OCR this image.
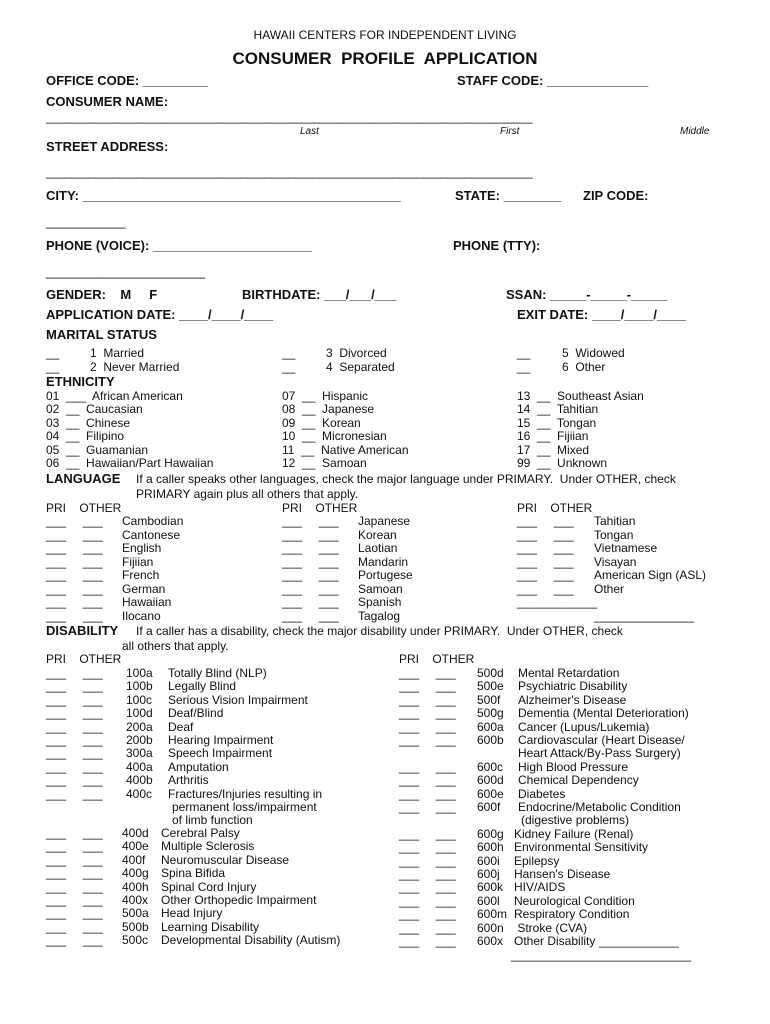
HAWAII CENTERS FOR INDEPENDENT LIVING
CONSUMER  PROFILE  APPLICATION
OFFICE CODE: _________	STAFF CODE: ______________
CONSUMER NAME:
________________________________________________________________________________
Last	First	Middle
STREET ADDRESS:
________________________________________________________________________________
CITY: ____________________________________________	STATE: ________ ZIP CODE:
___________
PHONE (VOICE): ______________________	PHONE (TTY):
______________________
GENDER:    M     F	BIRTHDATE: ___/___/___	SSAN: _____-_____-_____
APPLICATION DATE: ____/____/____	EXIT DATE: ____/____/____
MARITAL STATUS
__	1  Married
__	2  Never Married
__	3  Divorced
__	4  Separated
__	5  Widowed
__	6  Other
ETHNICITY
LANGUAGE If a caller speaks other languages, check the major language under PRIMARY.  Under OTHER, check
PRIMARY again plus all others that apply.
PRI    OTHER	PRI    OTHER	PRI    OTHER
____________
_______________
DISABILITY If a caller has a disability, check the major disability under PRIMARY.  Under OTHER, check
all others that apply.
PRI    OTHER	PRI    OTHER
01  ___  African American
02  __  Caucasian
03  __  Chinese
04  __  Filipino
05  __  Guamanian
06  __  Hawaiian/Part Hawaiian
07  __  Hispanic
08  __  Japanese
09  __  Korean
10  __  Micronesian
11  __  Native American
12  __  Samoan
13  __  Southeast Asian
14  __  Tahitian
15  __  Tongan
16  __  Fijiian
17  __  Mixed
99  __  Unknown
___     ___ Cambodian
___     ___ Cantonese
___     ___ English
___     ___ Fijiian
___     ___ French
___     ___ German
___     ___ Hawaiian
___     ___ Ilocano
___     ___ Japanese
___     ___ Korean
___     ___ Laotian
___     ___ Mandarin
___     ___ Portugese
___     ___ Samoan
___     ___ Spanish
___     ___ Tagalog
___     ___ Tahitian
___     ___ Tongan
___     ___ Vietnamese
___     ___ Visayan
___     ___ American Sign (ASL)
___     ___ Other
___     ___ 100a Totally Blind (NLP)
___     ___ 100b Legally Blind
___     ___ 100c Serious Vision Impairment
___     ___ 100d Deaf/Blind
___     ___ 200a Deaf
___     ___ 200b Hearing Impairment
___     ___ 300a Speech Impairment
___     ___ 400a Amputation
___     ___ 400b Arthritis
___     ___ 400c Fractures/Injuries resulting in
permanent loss/impairment
of limb function
___     ___ 400d Cerebral Palsy
___     ___ 400e Multiple Sclerosis
___     ___ 400f Neuromuscular Disease
___     ___ 400g Spina Bifida
___     ___ 400h Spinal Cord Injury
___     ___ 400x Other Orthopedic Impairment
___     ___ 500a Head Injury
___     ___ 500b Learning Disability
___     ___ 500c Developmental Disability (Autism)
___     ___ 500d Mental Retardation
___     ___ 500e Psychiatric Disability
___     ___ 500f Alzheimer's Disease
___     ___ 500g Dementia (Mental Deterioration)
___     ___ 600a Cancer (Lupus/Lukemia)
___     ___ 600b Cardiovascular (Heart Disease/
Heart Attack/By-Pass Surgery)
___     ___ 600c High Blood Pressure
___     ___ 600d Chemical Dependency
___     ___ 600e Diabetes
___     ___ 600f Endocrine/Metabolic Condition
(digestive problems)
___     ___ 600g Kidney Failure (Renal)
___     ___ 600h Environmental Sensitivity
___     ___ 600i Epilepsy
___     ___ 600j Hansen's Disease
___     ___ 600k HIV/AIDS
___     ___ 600l Neurological Condition
___     ___ 600m Respiratory Condition
___     ___ 600n Stroke (CVA)
___     ___ 600x Other Disability ____________
___________________________
